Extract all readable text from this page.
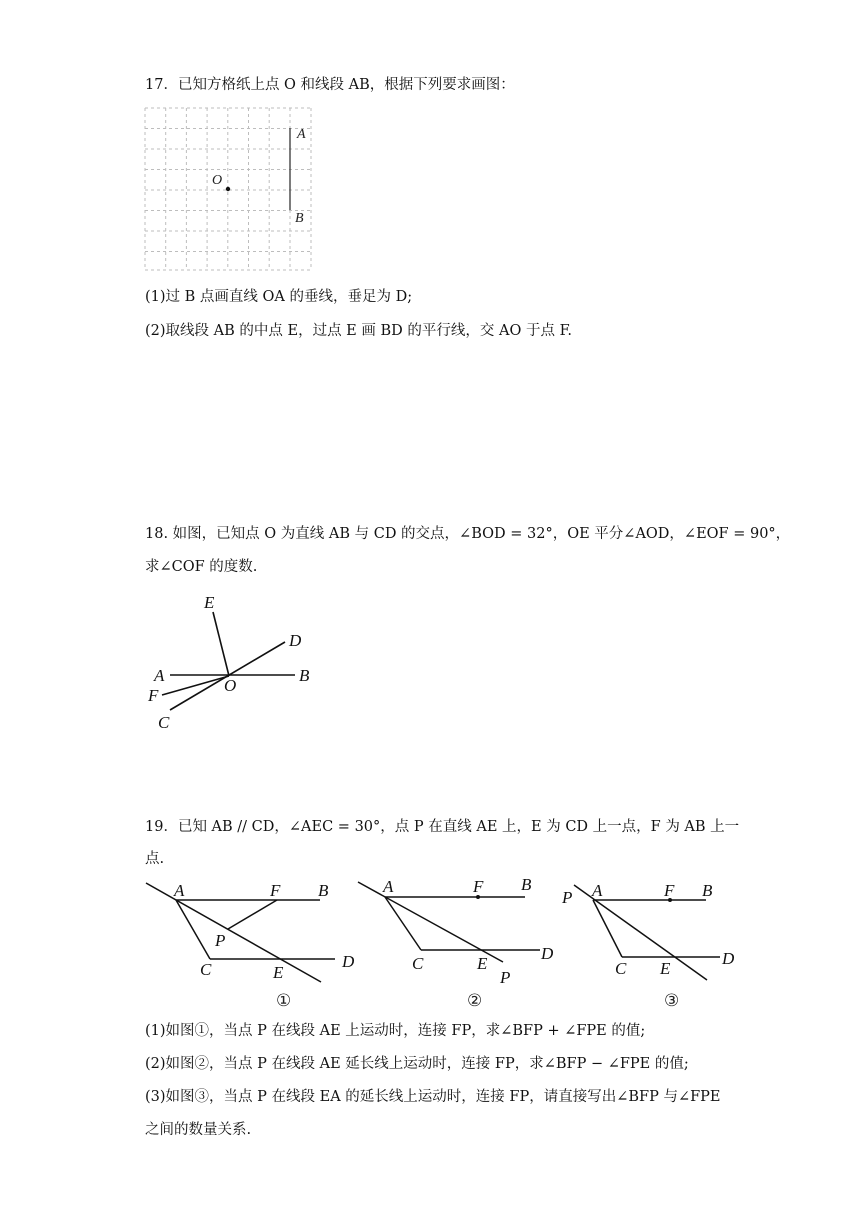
17．已知方格纸上点 O 和线段 AB，根据下列要求画图：
A
B
O
(1)过 B 点画直线 OA 的垂线，垂足为 D;
(2)取线段 AB 的中点 E，过点 E 画 BD 的平行线，交 AO 于点 F.
18. 如图，已知点 O 为直线 AB 与 CD 的交点，∠BOD = 32°，OE 平分∠AOD，∠EOF = 90°，
求∠COF 的度数.
E
D
A
O
B
F
C
19．已知 AB // CD，∠AEC = 30°，点 P 在直线 AE 上，E 为 CD 上一点，F 为 AB 上一
点.
A	F B
P
C	E
D
①
A	F B
C	E
D
P
②
P A	F B
C E
D
③
(1)如图①，当点 P 在线段 AE 上运动时，连接 FP，求∠BFP + ∠FPE 的值;
(2)如图②，当点 P 在线段 AE 延长线上运动时，连接 FP，求∠BFP − ∠FPE 的值;
(3)如图③，当点 P 在线段 EA 的延长线上运动时，连接 FP，请直接写出∠BFP 与∠FPE
之间的数量关系.
